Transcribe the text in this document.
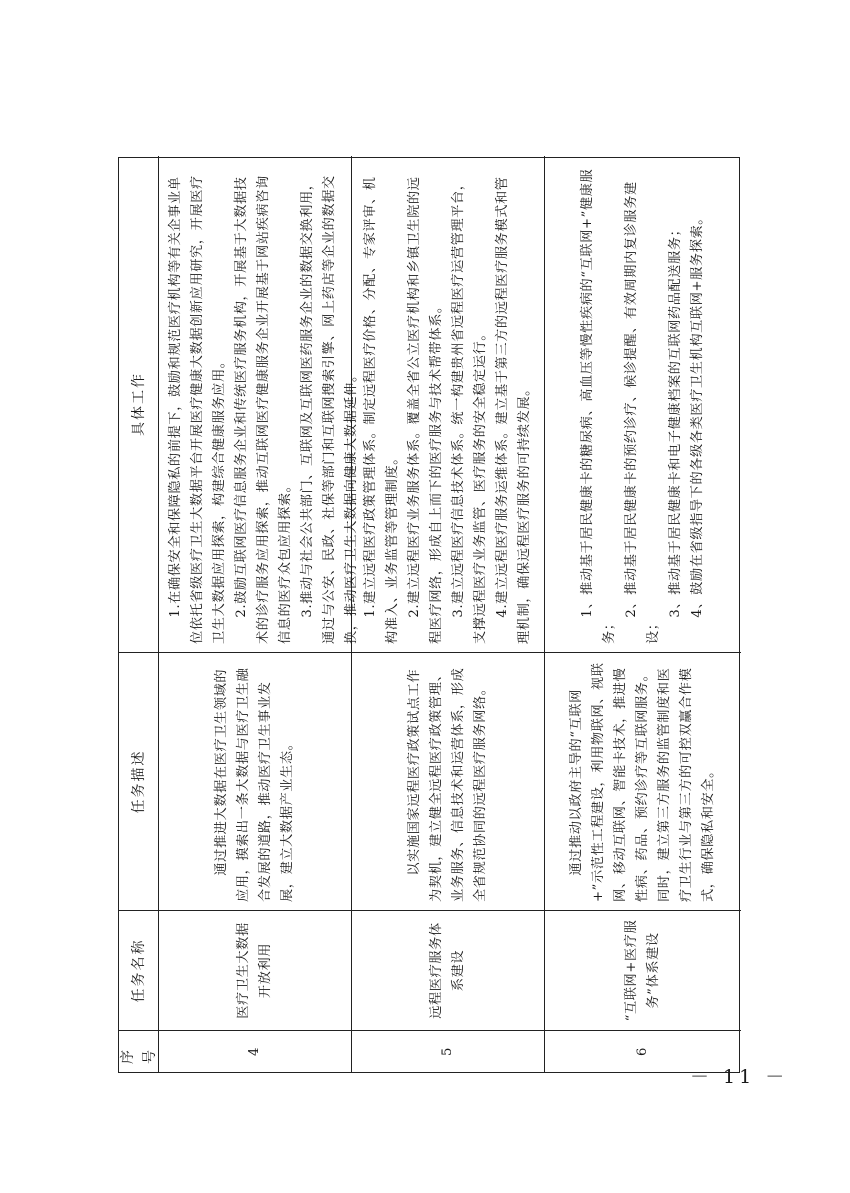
序号
任务名称
任务描述
具体工作
4
医疗卫生大数据开放利用

通过推进大数据在医疗卫生领域的应用，摸索出一条大数据与医疗卫生融合发展的道路，推动医疗卫生事业发展，建立大数据产业生态。

1.在确保安全和保障隐私的前提下，鼓励和规范医疗机构等有关企事业单位依托省级医疗卫生大数据平台开展医疗健康大数据创新应用研究，开展医疗卫生大数据应用探索，构建综合健康服务应用。 2.鼓励互联网医疗信息服务企业和传统医疗服务机构，开展基于大数据技术的诊疗服务应用探索，推动互联网医疗健康服务企业开展基于网站疾病咨询信息的医疗众包应用探索。 3.推动与社会公共部门、互联网及互联网医药服务企业的数据交换利用，通过与公安、民政、社保等部门和互联网搜索引擎、网上药店等企业的数据交换，推动医疗卫生大数据向健康大数据延伸。

5
远程医疗服务体系建设

以实施国家远程医疗政策试点工作为契机，建立健全远程医疗政策管理、业务服务、信息技术和运营体系，形成全省规范协同的远程医疗服务网络。

1.建立远程医疗政策管理体系。制定远程医疗价格、分配、专家评审、机构准入、业务监管等管理制度。 2.建立远程医疗业务服务体系。覆盖全省公立医疗机构和乡镇卫生院的远程医疗网络，形成自上而下的医疗服务与技术帮带体系。 3.建立远程医疗信息技术体系。统一构建贵州省远程医疗运营管理平台，支撑远程医疗业务监管、医疗服务的安全稳定运行。 4.建立远程医疗服务运维体系。建立基于第三方的远程医疗服务模式和管理机制，确保远程医疗服务的可持续发展。

6
“互联网+医疗服务”体系建设

通过推动以政府主导的“互联网+”示范性工程建设，利用物联网、视联网、移动互联网、智能卡技术，推进慢性病、药品、预约诊疗等互联网服务。同时，建立第三方服务的监管制度和医疗卫生行业与第三方的可控双赢合作模式，确保隐私和安全。

1、推动基于居民健康卡的糖尿病、高血压等慢性疾病的“互联网+”健康服务；

2、推动基于居民健康卡的预约诊疗、候诊提醒、有效周期内复诊服务建设；

3、推动基于居民健康卡和电子健康档案的互联网药品配送服务； 4、鼓励在省级指导下的各级各类医疗卫生机构互联网+服务探索。

－ 11 －
